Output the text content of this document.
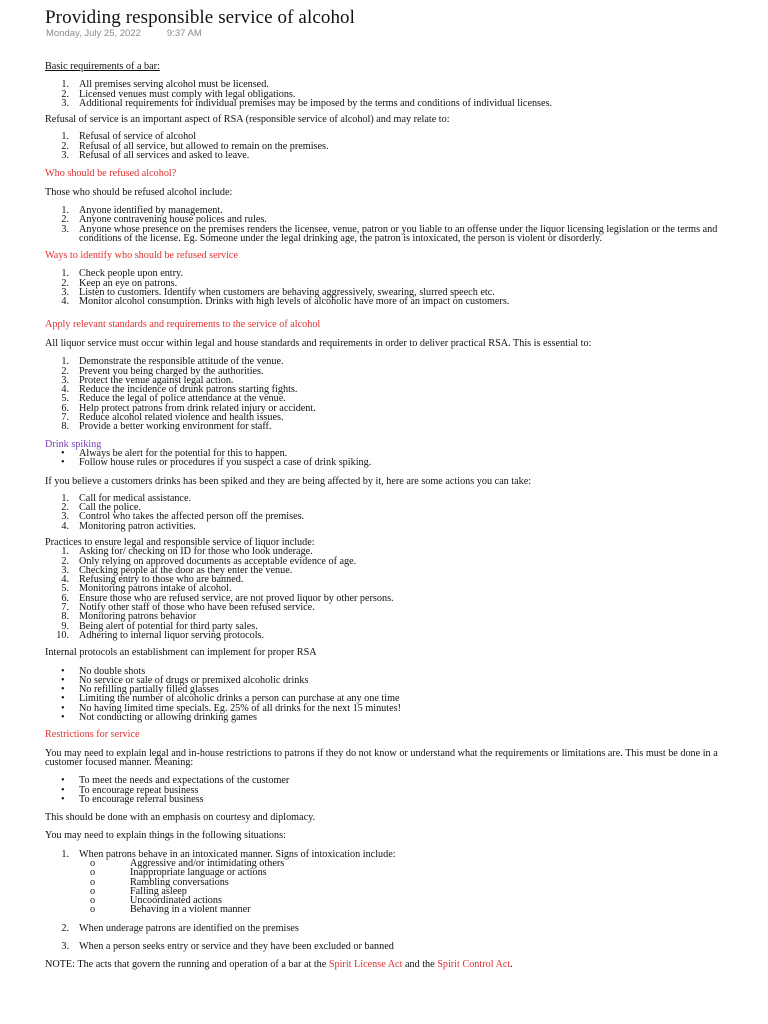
Providing responsible service of alcohol
Monday, July 25, 2022	9:37 AM

Basic requirements of a bar:

1. All premises serving alcohol must be licensed.
2. Licensed venues must comply with legal obligations.
3. Additional requirements for individual premises may be imposed by the terms and conditions of individual licenses.

Refusal of service is an important aspect of RSA (responsible service of alcohol) and may relate to:

1. Refusal of service of alcohol
2. Refusal of all service, but allowed to remain on the premises.
3. Refusal of all services and asked to leave.

Who should be refused alcohol?

Those who should be refused alcohol include:

1. Anyone identified by management.
2. Anyone contravening house polices and rules.
3. Anyone whose presence on the premises renders the licensee, venue, patron or you liable to an offense under the liquor licensing legislation or the terms and conditions of the license. Eg. Someone under the legal drinking age, the patron is intoxicated, the person is violent or disorderly.

Ways to identify who should be refused service

1. Check people upon entry.
2. Keep an eye on patrons.
3. Listen to customers. Identify when customers are behaving aggressively, swearing, slurred speech etc.
4. Monitor alcohol consumption. Drinks with high levels of alcoholic have more of an impact on customers.

Apply relevant standards and requirements to the service of alcohol

All liquor service must occur within legal and house standards and requirements in order to deliver practical RSA. This is essential to:

1. Demonstrate the responsible attitude of the venue.
2. Prevent you being charged by the authorities.
3. Protect the venue against legal action.
4. Reduce the incidence of drunk patrons starting fights.
5. Reduce the legal of police attendance at the venue.
6. Help protect patrons from drink related injury or accident.
7. Reduce alcohol related violence and health issues.
8. Provide a better working environment for staff.

Drink spiking

• Always be alert for the potential for this to happen.
• Follow house rules or procedures if you suspect a case of drink spiking.

If you believe a customers drinks has been spiked and they are being affected by it, here are some actions you can take:

1. Call for medical assistance.
2. Call the police.
3. Control who takes the affected person off the premises.
4. Monitoring patron activities.

Practices to ensure legal and responsible service of liquor include:

1. Asking for/ checking on ID for those who look underage.
2. Only relying on approved documents as acceptable evidence of age.
3. Checking people at the door as they enter the venue.
4. Refusing entry to those who are banned.
5. Monitoring patrons intake of alcohol.
6. Ensure those who are refused service, are not proved liquor by other persons.
7. Notify other staff of those who have been refused service.
8. Monitoring patrons behavior
9. Being alert of potential for third party sales.
10. Adhering to internal liquor serving protocols.

Internal protocols an establishment can implement for proper RSA

• No double shots
• No service or sale of drugs or premixed alcoholic drinks
• No refilling partially filled glasses
• Limiting the number of alcoholic drinks a person can purchase at any one time
• No having limited time specials. Eg. 25% of all drinks for the next 15 minutes!
• Not conducting or allowing drinking games

Restrictions for service

You may need to explain legal and in-house restrictions to patrons if they do not know or understand what the requirements or limitations are. This must be done in a customer focused manner. Meaning:

• To meet the needs and expectations of the customer
• To encourage repeat business
• To encourage referral business

This should be done with an emphasis on courtesy and diplomacy.

You may need to explain things in the following situations:

1. When patrons behave in an intoxicated manner. Signs of intoxication include:
o	Aggressive and/or intimidating others
o	Inappropriate language or actions
o	Rambling conversations
o	Falling asleep
o	Uncoordinated actions
o	Behaving in a violent manner
2. When underage patrons are identified on the premises
3. When a person seeks entry or service and they have been excluded or banned

NOTE: The acts that govern the running and operation of a bar at the Spirit License Act and the Spirit Control Act.
